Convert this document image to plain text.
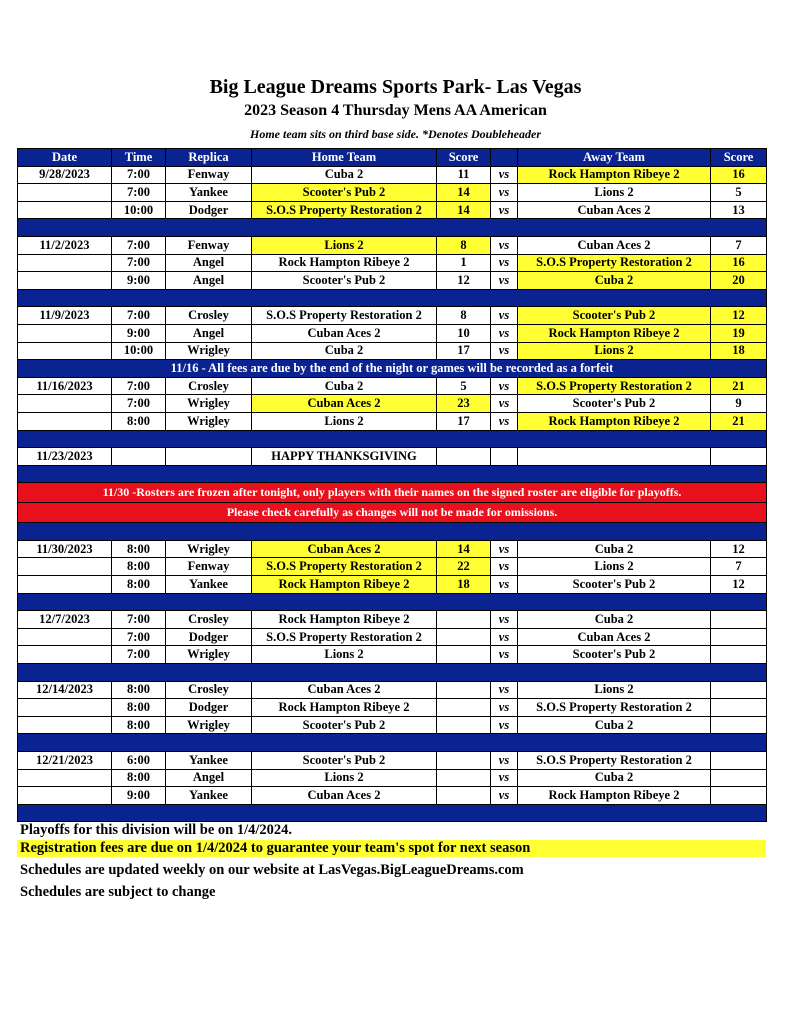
Big League Dreams Sports Park- Las Vegas
2023 Season 4 Thursday Mens AA American
Home team sits on third base side. *Denotes Doubleheader
Date	Time	Replica	Home Team	Score		Away Team	Score
9/28/2023	7:00	Fenway	Cuba 2	11	vs	Rock Hampton Ribeye 2	16
	7:00	Yankee	Scooter's Pub 2	14	vs	Lions 2	5
	10:00	Dodger	S.O.S Property Restoration 2	14	vs	Cuban Aces 2	13

11/2/2023	7:00	Fenway	Lions 2	8	vs	Cuban Aces 2	7
	7:00	Angel	Rock Hampton Ribeye 2	1	vs	S.O.S Property Restoration 2	16
	9:00	Angel	Scooter's Pub 2	12	vs	Cuba 2	20

11/9/2023	7:00	Crosley	S.O.S Property Restoration 2	8	vs	Scooter's Pub 2	12
	9:00	Angel	Cuban Aces 2	10	vs	Rock Hampton Ribeye 2	19
	10:00	Wrigley	Cuba 2	17	vs	Lions 2	18
11/16 - All fees are due by the end of the night or games will be recorded as a forfeit							
11/16/2023	7:00	Crosley	Cuba 2	5	vs	S.O.S Property Restoration 2	21
	7:00	Wrigley	Cuban Aces 2	23	vs	Scooter's Pub 2	9
	8:00	Wrigley	Lions 2	17	vs	Rock Hampton Ribeye 2	21

11/23/2023			HAPPY THANKSGIVING				

11/30 -Rosters are frozen after tonight, only players with their names on the signed roster are eligible for playoffs.							
Please check carefully as changes will not be made for omissions.							

11/30/2023	8:00	Wrigley	Cuban Aces 2	14	vs	Cuba 2	12
	8:00	Fenway	S.O.S Property Restoration 2	22	vs	Lions 2	7
	8:00	Yankee	Rock Hampton Ribeye 2	18	vs	Scooter's Pub 2	12

12/7/2023	7:00	Crosley	Rock Hampton Ribeye 2		vs	Cuba 2	
	7:00	Dodger	S.O.S Property Restoration 2		vs	Cuban Aces 2	
	7:00	Wrigley	Lions 2		vs	Scooter's Pub 2	

12/14/2023	8:00	Crosley	Cuban Aces 2		vs	Lions 2	
	8:00	Dodger	Rock Hampton Ribeye 2		vs	S.O.S Property Restoration 2	
	8:00	Wrigley	Scooter's Pub 2		vs	Cuba 2	

12/21/2023	6:00	Yankee	Scooter's Pub 2		vs	S.O.S Property Restoration 2	
	8:00	Angel	Lions 2		vs	Cuba 2	
	9:00	Yankee	Cuban Aces 2		vs	Rock Hampton Ribeye 2	

Playoffs for this division will be on 1/4/2024.
Registration fees are due on 1/4/2024 to guarantee your team's spot for next season
Schedules are updated weekly on our website at LasVegas.BigLeagueDreams.com
Schedules are subject to change
